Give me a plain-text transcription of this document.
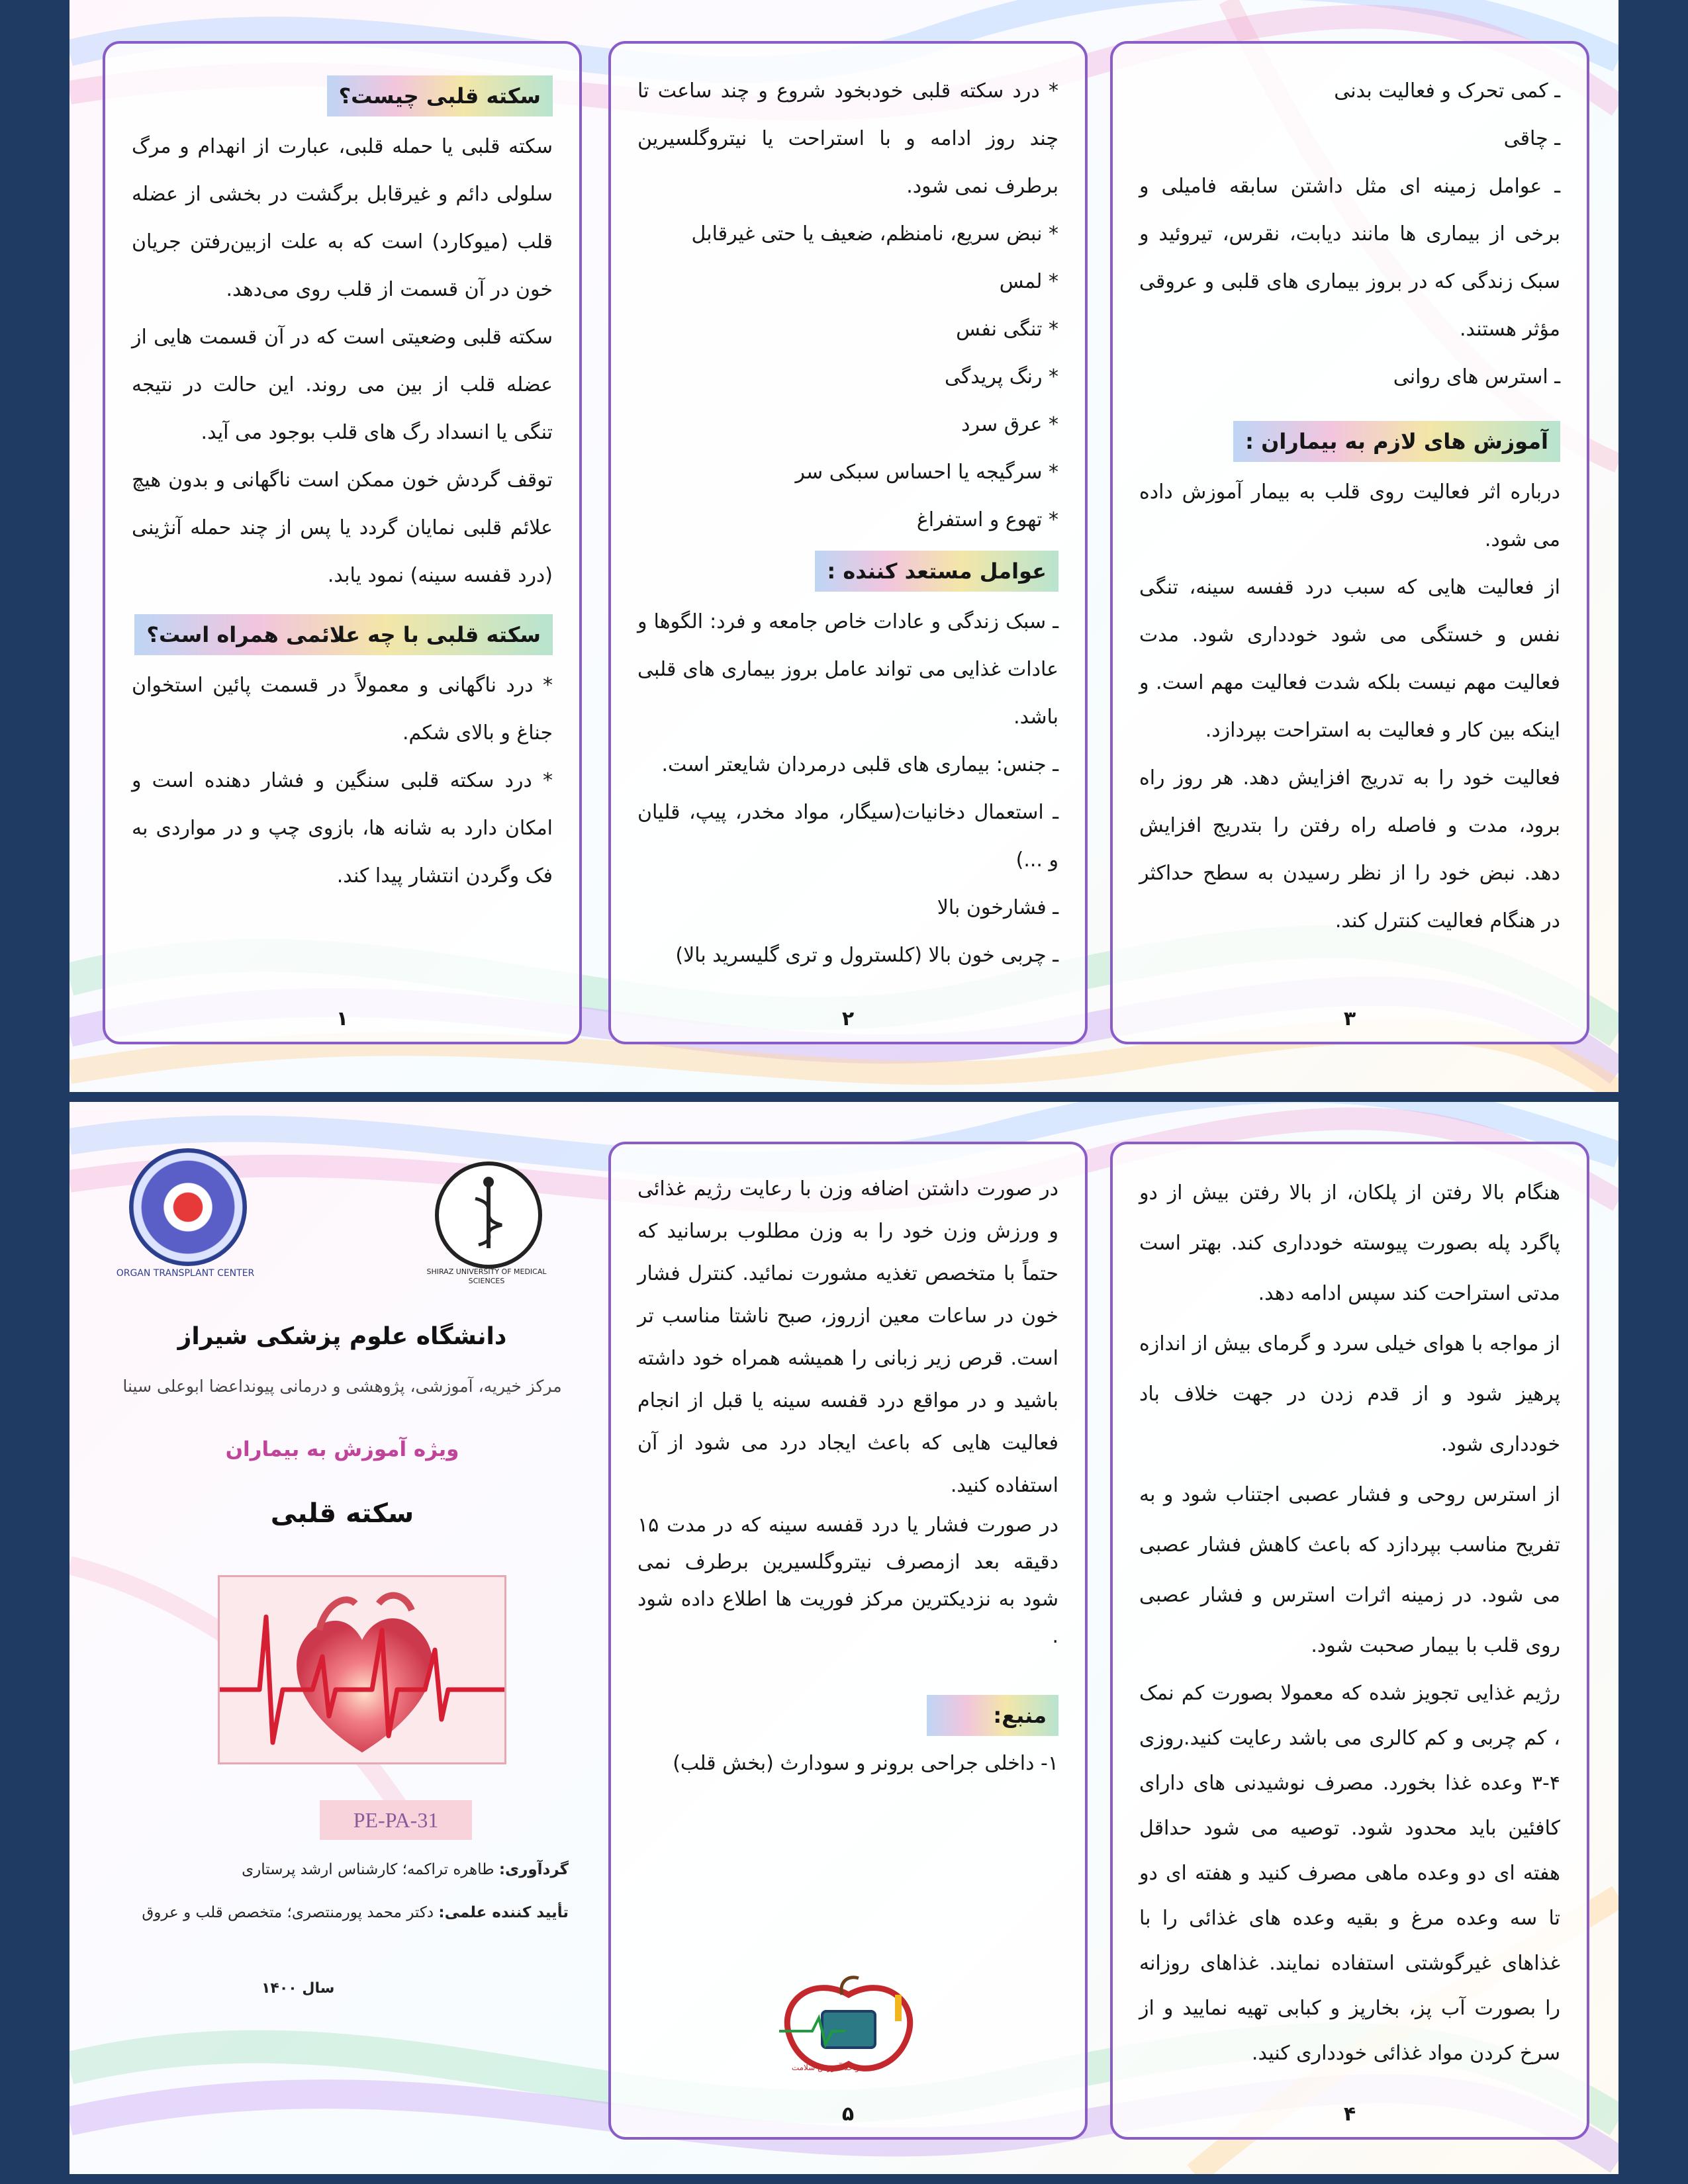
سکته قلبی چیست؟

سکته قلبی یا حمله قلبی، عبارت از انهدام و مرگ سلولی دائم و غیرقابل برگشت در بخشی از عضله قلب (میوکارد) است که به علت ازبین‌رفتن جریان خون در آن قسمت از قلب روی می‌دهد.

سکته قلبی وضعیتی است که در آن قسمت هایی از عضله قلب از بین می روند. این حالت در نتیجه تنگی یا انسداد رگ های قلب بوجود می آید.

توقف گردش خون ممکن است ناگهانی و بدون هیچ علائم قلبی نمایان گردد یا پس از چند حمله آنژینی (درد قفسه سینه) نمود یابد.

سکته قلبی با چه علائمی همراه است؟

* درد ناگهانی و معمولاً در قسمت پائین استخوان جناغ و بالای شکم.

* درد سکته قلبی سنگین و فشار دهنده است و امکان دارد به شانه ها، بازوی چپ و در مواردی به فک وگردن انتشار پیدا کند.

١

* درد سکته قلبی خودبخود شروع و چند ساعت تا چند روز ادامه و با استراحت یا نیتروگلسیرین برطرف نمی شود.

* نبض سریع، نامنظم، ضعیف یا حتی غیرقابل

* لمس

* تنگی نفس

* رنگ پریدگی

* عرق سرد

* سرگیجه یا احساس سبکی سر

* تهوع و استفراغ

عوامل مستعد کننده :

ـ سبک زندگی و عادات خاص جامعه و فرد: الگوها و عادات غذایی می تواند عامل بروز بیماری های قلبی باشد.

ـ جنس: بیماری های قلبی درمردان شایعتر است.

ـ استعمال دخانیات(سیگار، مواد مخدر، پیپ، قلیان و ...)

ـ فشارخون بالا

ـ چربی خون بالا (کلسترول و تری گلیسرید بالا)

٢

ـ کمی تحرک و فعالیت بدنی

ـ چاقی

ـ عوامل زمینه ای مثل داشتن سابقه فامیلی و برخی از بیماری ها مانند دیابت، نقرس، تیروئید و سبک زندگی که در بروز بیماری های قلبی و عروقی مؤثر هستند.

ـ استرس های روانی

آموزش های لازم به بیماران :

درباره اثر فعالیت روی قلب به بیمار آموزش داده می شود.

از فعالیت هایی که سبب درد قفسه سینه، تنگی نفس و خستگی می شود خودداری شود. مدت فعالیت مهم نیست بلکه شدت فعالیت مهم است. و اینکه بین کار و فعالیت به استراحت بپردازد.

فعالیت خود را به تدریج افزایش دهد. هر روز راه برود، مدت و فاصله راه رفتن را بتدریج افزایش دهد. نبض خود را از نظر رسیدن به سطح حداکثر در هنگام فعالیت کنترل کند.

٣
ORGAN TRANSPLANT CENTER	SHIRAZ UNIVERSITY OF MEDICAL SCIENCES
دانشگاه علوم پزشکی شیراز
مرکز خیریه، آموزشی، پژوهشی و درمانی پیونداعضا ابوعلی سینا
ویژه آموزش به بیماران
سکته قلبی
PE-PA-31
گردآوری: طاهره تراکمه؛ کارشناس ارشد پرستاری
تأیید کننده علمی: دکتر محمد پورمنتصری؛ متخصص قلب و عروق
سال ۱۴۰۰

در صورت داشتن اضافه وزن با رعایت رژیم غذائی و ورزش وزن خود را به وزن مطلوب برسانید که حتماً با متخصص تغذیه مشورت نمائید. کنترل فشار خون در ساعات معین ازروز، صبح ناشتا مناسب تر است. قرص زیر زبانی را همیشه همراه خود داشته باشید و در مواقع درد قفسه سینه یا قبل از انجام فعالیت هایی که باعث ایجاد درد می شود از آن استفاده کنید.

در صورت فشار یا درد قفسه سینه که در مدت ۱۵ دقیقه بعد ازمصرف نیتروگلسیرین برطرف نمی شود به نزدیکترین مرکز فوریت ها اطلاع داده شود .

منبع:

١- داخلی جراحی برونر و سودارث (بخش قلب)

واحد آموزش سلامت
۵

هنگام بالا رفتن از پلکان، از بالا رفتن بیش از دو پاگرد پله بصورت پیوسته خودداری کند. بهتر است مدتی استراحت کند سپس ادامه دهد.

از مواجه با هوای خیلی سرد و گرمای بیش از اندازه پرهیز شود و از قدم زدن در جهت خلاف باد خودداری شود.

از استرس روحی و فشار عصبی اجتناب شود و به تفریح مناسب بپردازد که باعث کاهش فشار عصبی می شود. در زمینه اثرات استرس و فشار عصبی روی قلب با بیمار صحبت شود.

رژیم غذایی تجویز شده که معمولا بصورت کم نمک ، کم چربی و کم کالری می باشد رعایت کنید.روزی ۴-۳ وعده غذا بخورد. مصرف نوشیدنی های دارای کافئین باید محدود شود. توصیه می شود حداقل هفته ای دو وعده ماهی مصرف کنید و هفته ای دو تا سه وعده مرغ و بقیه وعده های غذائی را با غذاهای غیرگوشتی استفاده نمایند. غذاهای روزانه را بصورت آب پز، بخارپز و کبابی تهیه نمایید و از سرخ کردن مواد غذائی خودداری کنید.

۴
